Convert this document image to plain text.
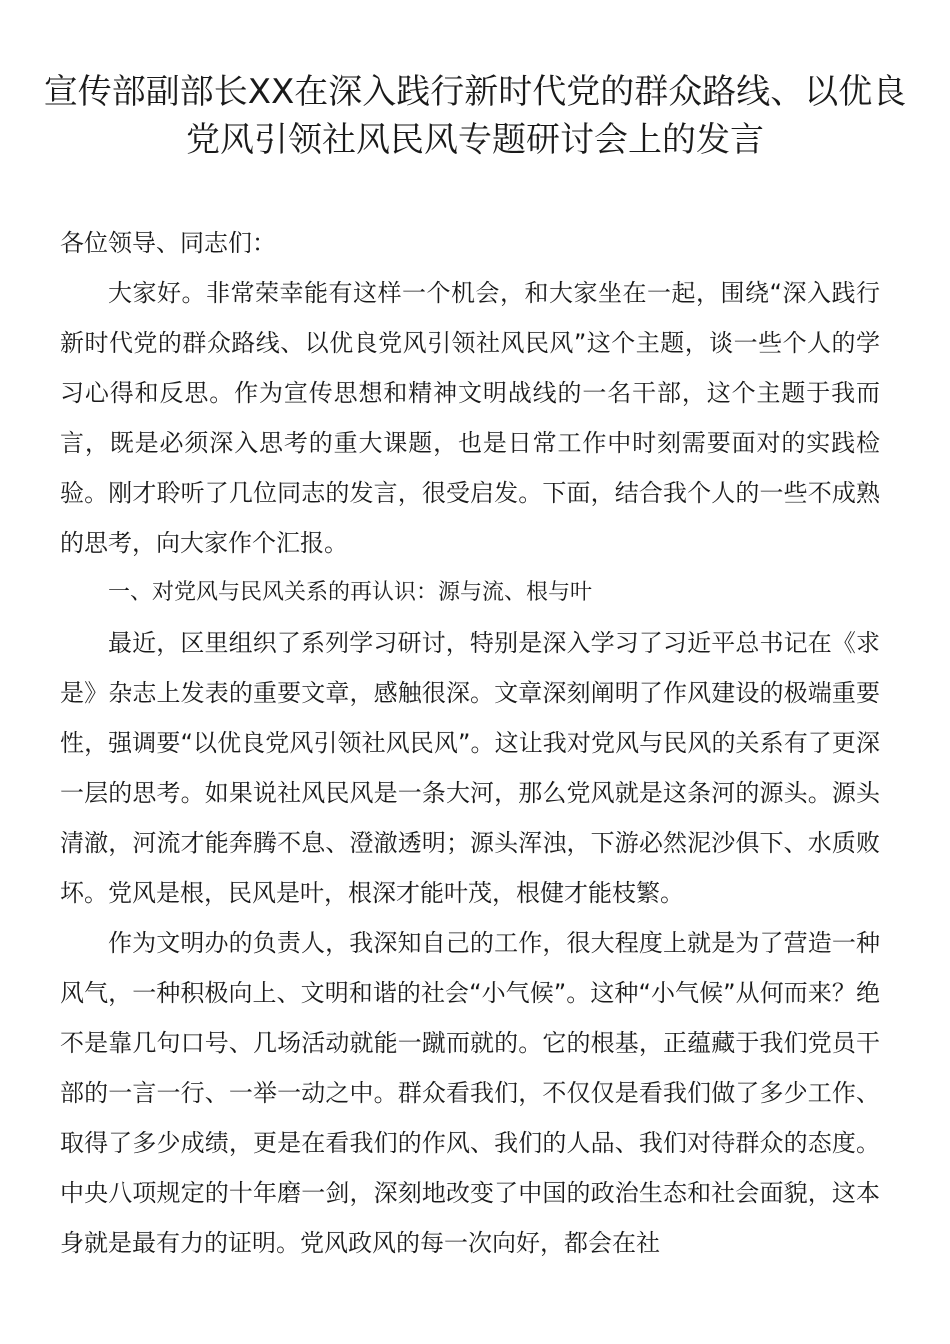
宣传部副部长XX在深入践行新时代党的群众路线、以优良党风引领社风民风专题研讨会上的发言

各位领导、同志们：

大家好。非常荣幸能有这样一个机会，和大家坐在一起，围绕“深入践行新时代党的群众路线、以优良党风引领社风民风”这个主题，谈一些个人的学习心得和反思。作为宣传思想和精神文明战线的一名干部，这个主题于我而言，既是必须深入思考的重大课题，也是日常工作中时刻需要面对的实践检验。刚才聆听了几位同志的发言，很受启发。下面，结合我个人的一些不成熟的思考，向大家作个汇报。

一、对党风与民风关系的再认识：源与流、根与叶

最近，区里组织了系列学习研讨，特别是深入学习了习近平总书记在《求是》杂志上发表的重要文章，感触很深。文章深刻阐明了作风建设的极端重要性，强调要“以优良党风引领社风民风”。这让我对党风与民风的关系有了更深一层的思考。如果说社风民风是一条大河，那么党风就是这条河的源头。源头清澈，河流才能奔腾不息、澄澈透明；源头浑浊，下游必然泥沙俱下、水质败坏。党风是根，民风是叶，根深才能叶茂，根健才能枝繁。

作为文明办的负责人，我深知自己的工作，很大程度上就是为了营造一种风气，一种积极向上、文明和谐的社会“小气候”。这种“小气候”从何而来？绝不是靠几句口号、几场活动就能一蹴而就的。它的根基，正蕴藏于我们党员干部的一言一行、一举一动之中。群众看我们，不仅仅是看我们做了多少工作、取得了多少成绩，更是在看我们的作风、我们的人品、我们对待群众的态度。中央八项规定的十年磨一剑，深刻地改变了中国的政治生态和社会面貌，这本身就是最有力的证明。党风政风的每一次向好，都会在社
